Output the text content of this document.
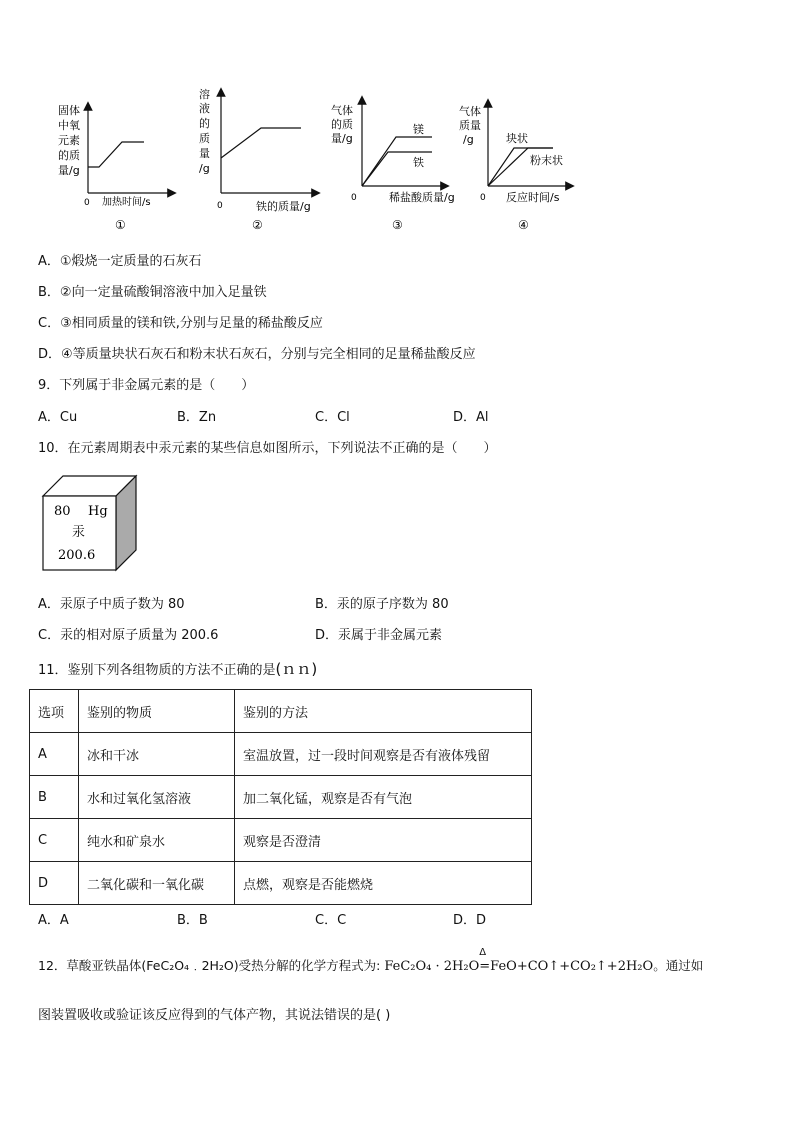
固体
中氧
元素
的质
量/g
0 加热时间/s
①
溶
液
的
质
量
/g
0	铁的质量/g
②
气体
的质
量/g
镁
铁
0	稀盐酸质量/g
③
气体
质量
/g	块状
粉末状
0 反应时间/s
④
A．①煅烧一定质量的石灰石
B．②向一定量硫酸铜溶液中加入足量铁
C．③相同质量的镁和铁,分别与足量的稀盐酸反应
D．④等质量块状石灰石和粉末状石灰石，分别与完全相同的足量稀盐酸反应
9．下列属于非金属元素的是（　　）
A．Cu	B．Zn	C．Cl	D．Al
10．在元素周期表中汞元素的某些信息如图所示，下列说法不正确的是（　　）
80 Hg
汞
200.6
A．汞原子中质子数为 80	B．汞的原子序数为 80
C．汞的相对原子质量为 200.6	D．汞属于非金属元素
11．鉴别下列各组物质的方法不正确的是(ｎｎ)
选项	鉴别的物质	鉴别的方法
A	冰和干冰	室温放置，过一段时间观察是否有液体残留
B	水和过氧化氢溶液	加二氧化锰，观察是否有气泡
C	纯水和矿泉水	观察是否澄清
D	二氧化碳和一氧化碳	点燃，观察是否能燃烧
A．A	B．B	C．C	D．D
12．草酸亚铁晶体(FeC₂O₄﹒2H₂O)受热分解的化学方程式为: FeC₂O₄ · 2H₂O=
Δ
FeO+CO↑+CO₂↑+2H₂O。通过如
图装置吸收或验证该反应得到的气体产物，其说法错误的是( )
